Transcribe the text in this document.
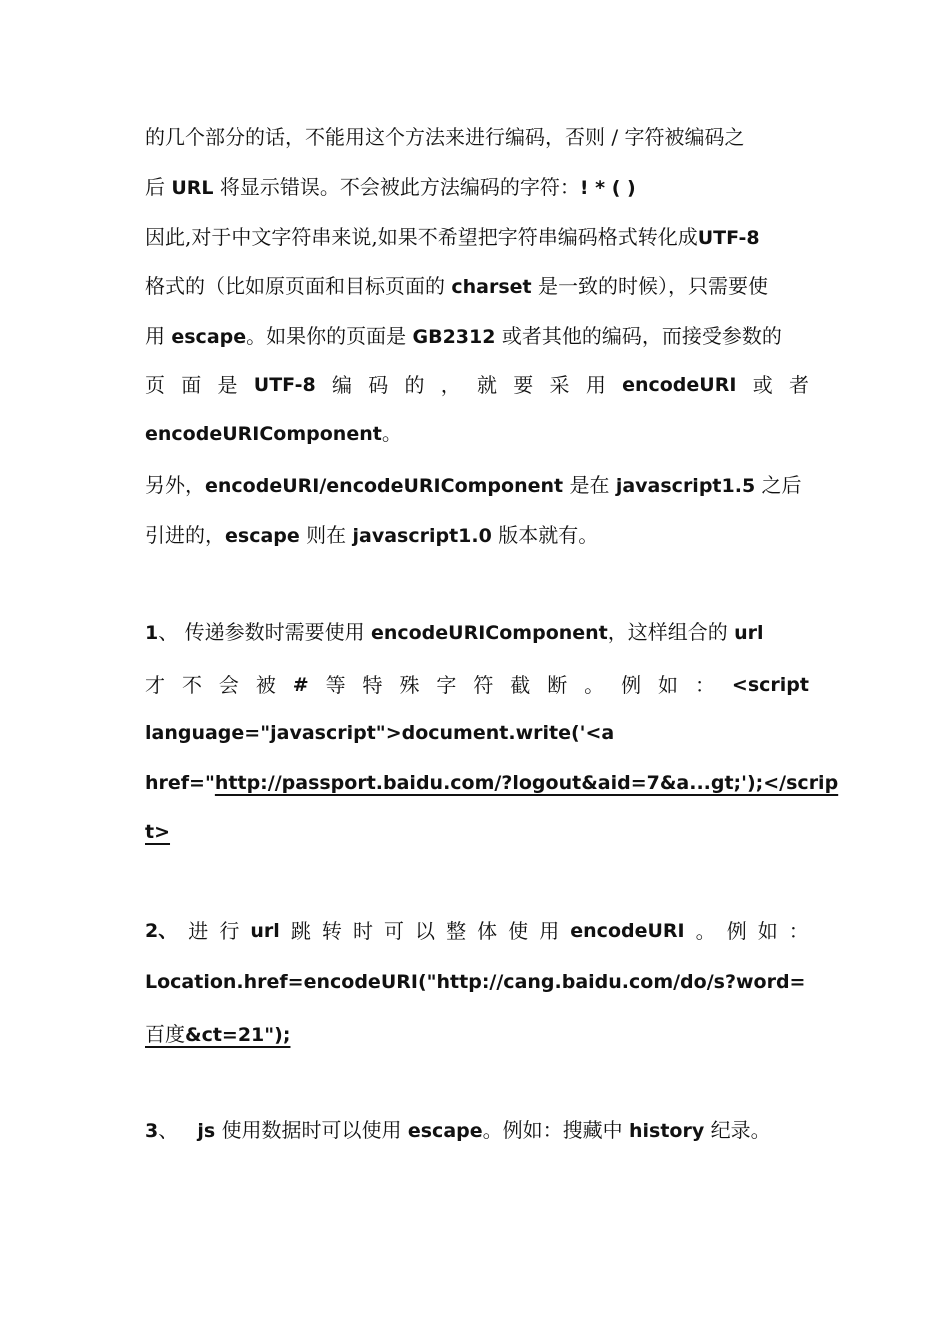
的几个部分的话，不能用这个方法来进行编码，否则 / 字符被编码之
后 URL 将显示错误。不会被此方法编码的字符：! * ( )
因此,对于中文字符串来说,如果不希望把字符串编码格式转化成UTF-8
格式的（比如原页面和目标页面的 charset 是一致的时候），只需要使
用 escape。如果你的页面是 GB2312 或者其他的编码，而接受参数的
页 面 是 UTF-8 编 码 的 ， 就 要 采 用 encodeURI 或 者
encodeURIComponent。
另外，encodeURI/encodeURIComponent 是在 javascript1.5 之后
引进的，escape 则在 javascript1.0 版本就有。
1、 传递参数时需要使用 encodeURIComponent，这样组合的 url
才 不 会 被 # 等 特 殊 字 符 截 断 。 例 如 ： <script
language="javascript">document.write('<a
href="http://passport.baidu.com/?logout&aid=7&a...gt;');</scrip
t>
2、 进 行 url 跳 转 时 可 以 整 体 使 用 encodeURI 。 例 如 ：
Location.href=encodeURI("http://cang.baidu.com/do/s?word=
百度&ct=21");
3、 js 使用数据时可以使用 escape。例如：搜藏中 history 纪录。
